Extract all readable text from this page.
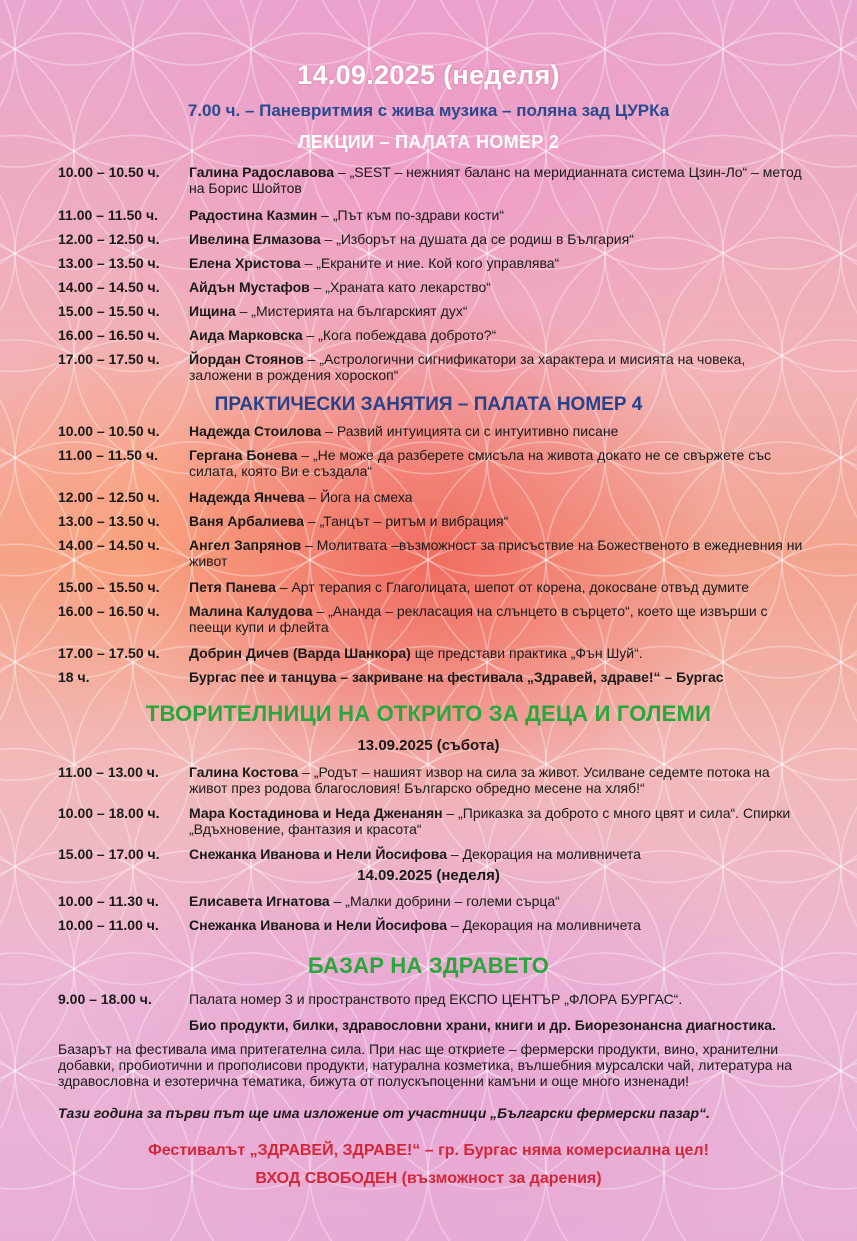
14.09.2025 (неделя)
7.00 ч. – Паневритмия с жива музика – поляна зад ЦУРКа
ЛЕКЦИИ – ПАЛАТА НОМЕР 2
10.00 – 10.50 ч. Галина Радославова – „SEST – нежният баланс на меридианната система Цзин-Ло“ – метод на Борис Шойтов
11.00 – 11.50 ч. Радостина Казмин – „Път към по-здрави кости“
12.00 – 12.50 ч. Ивелина Елмазова – „Изборът на душата да се родиш в България“
13.00 – 13.50 ч. Елена Христова – „Екраните и ние. Кой кого управлява“
14.00 – 14.50 ч. Айдън Мустафов – „Храната като лекарство“
15.00 – 15.50 ч. Ищина – „Мистерията на българският дух“
16.00 – 16.50 ч. Аида Марковска – „Кога побеждава доброто?“
17.00 – 17.50 ч. Йордан Стоянов – „Астрологични сигнификатори за характера и мисията на човека, заложени в рождения хороскоп“
ПРАКТИЧЕСКИ ЗАНЯТИЯ – ПАЛАТА НОМЕР 4
10.00 – 10.50 ч. Надежда Стоилова – Развий интуицията си с интуитивно писане
11.00 – 11.50 ч. Гергана Бонева – „Не може да разберете смисъла на живота докато не се свържете със силата, която Ви е създала“
12.00 – 12.50 ч. Надежда Янчева – Йога на смеха
13.00 – 13.50 ч. Ваня Арбалиева – „Танцът – ритъм и вибрация“
14.00 – 14.50 ч. Ангел Запрянов – Молитвата –възможност за присъствие на Божественото в ежедневния ни живот
15.00 – 15.50 ч. Петя Панева – Арт терапия с Глаголицата, шепот от корена, докосване отвъд думите
16.00 – 16.50 ч. Малина Калудова – „Ананда – рекласация на слънцето в сърцето“, което ще извърши с пеещи купи и флейта
17.00 – 17.50 ч. Добрин Дичев (Варда Шанкора) ще представи практика „Фън Шуй“.
18 ч.	Бургас пее и танцува – закриване на фестивала „Здравей, здраве!“ – Бургас
ТВОРИТЕЛНИЦИ НА ОТКРИТО ЗА ДЕЦА И ГОЛЕМИ
13.09.2025 (събота)
11.00 – 13.00 ч. Галина Костова – „Родът – нашият извор на сила за живот. Усилване седемте потока на живот през родова благословия! Българско обредно месене на хляб!“
10.00 – 18.00 ч. Мара Костадинова и Неда Дженанян – „Приказка за доброто с много цвят и сила“. Спирки „Вдъхновение, фантазия и красота“
15.00 – 17.00 ч. Снежанка Иванова и Нели Йосифова – Декорация на моливничета
14.09.2025 (неделя)
10.00 – 11.30 ч. Елисавета Игнатова – „Малки добрини – големи сърца“
10.00 – 11.00 ч. Снежанка Иванова и Нели Йосифова – Декорация на моливничета
БАЗАР НА ЗДРАВЕТО
9.00 – 18.00 ч.	Палата номер 3 и пространството пред ЕКСПО ЦЕНТЪР „ФЛОРА БУРГАС“.
Био продукти, билки, здравословни храни, книги и др. Биорезонансна диагностика.
Базарът на фестивала има притегателна сила. При нас ще откриете – фермерски продукти, вино, хранителни добавки, пробиотични и прополисови продукти, натурална козметика, вълшебния мурсалски чай, литература на здравословна и езотерична тематика, бижута от полускъпоценни камъни и още много изненади!
Тази година за първи път ще има изложение от участници „Български фермерски пазар“.
Фестивалът „ЗДРАВЕЙ, ЗДРАВЕ!“ – гр. Бургас няма комерсиална цел!
ВХОД СВОБОДЕН (възможност за дарения)
